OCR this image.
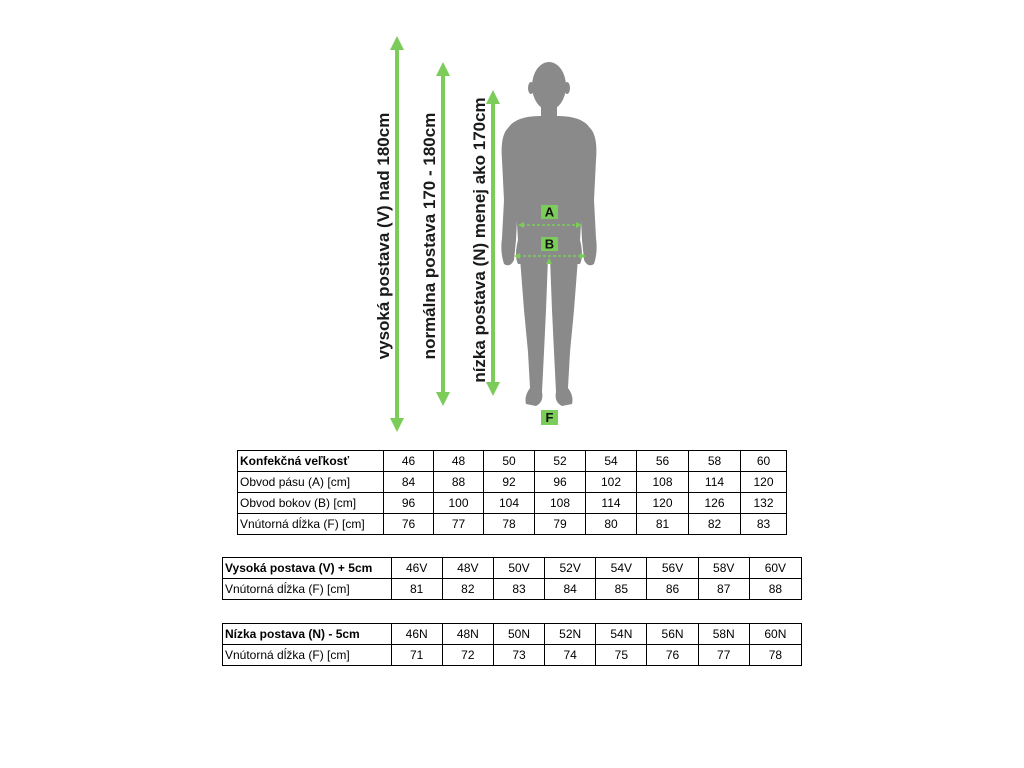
vysoká postava (V) nad 180cm normálna postava 170 - 180cm nízka postava (N) menej ako 170cm	A
B
F
Konfekčná veľkosť	46	48	50	52	54	56	58	60
Obvod pásu (A) [cm]	84	88	92	96	102	108	114	120
Obvod bokov (B) [cm]	96	100	104	108	114	120	126	132
Vnútorná dĺžka (F) [cm]	76	77	78	79	80	81	82	83
Vysoká postava (V) + 5cm	46V	48V	50V	52V	54V	56V	58V	60V
Vnútorná dĺžka (F) [cm]	81	82	83	84	85	86	87	88
Nízka postava (N) - 5cm	46N	48N	50N	52N	54N	56N	58N	60N
Vnútorná dĺžka (F) [cm]	71	72	73	74	75	76	77	78
